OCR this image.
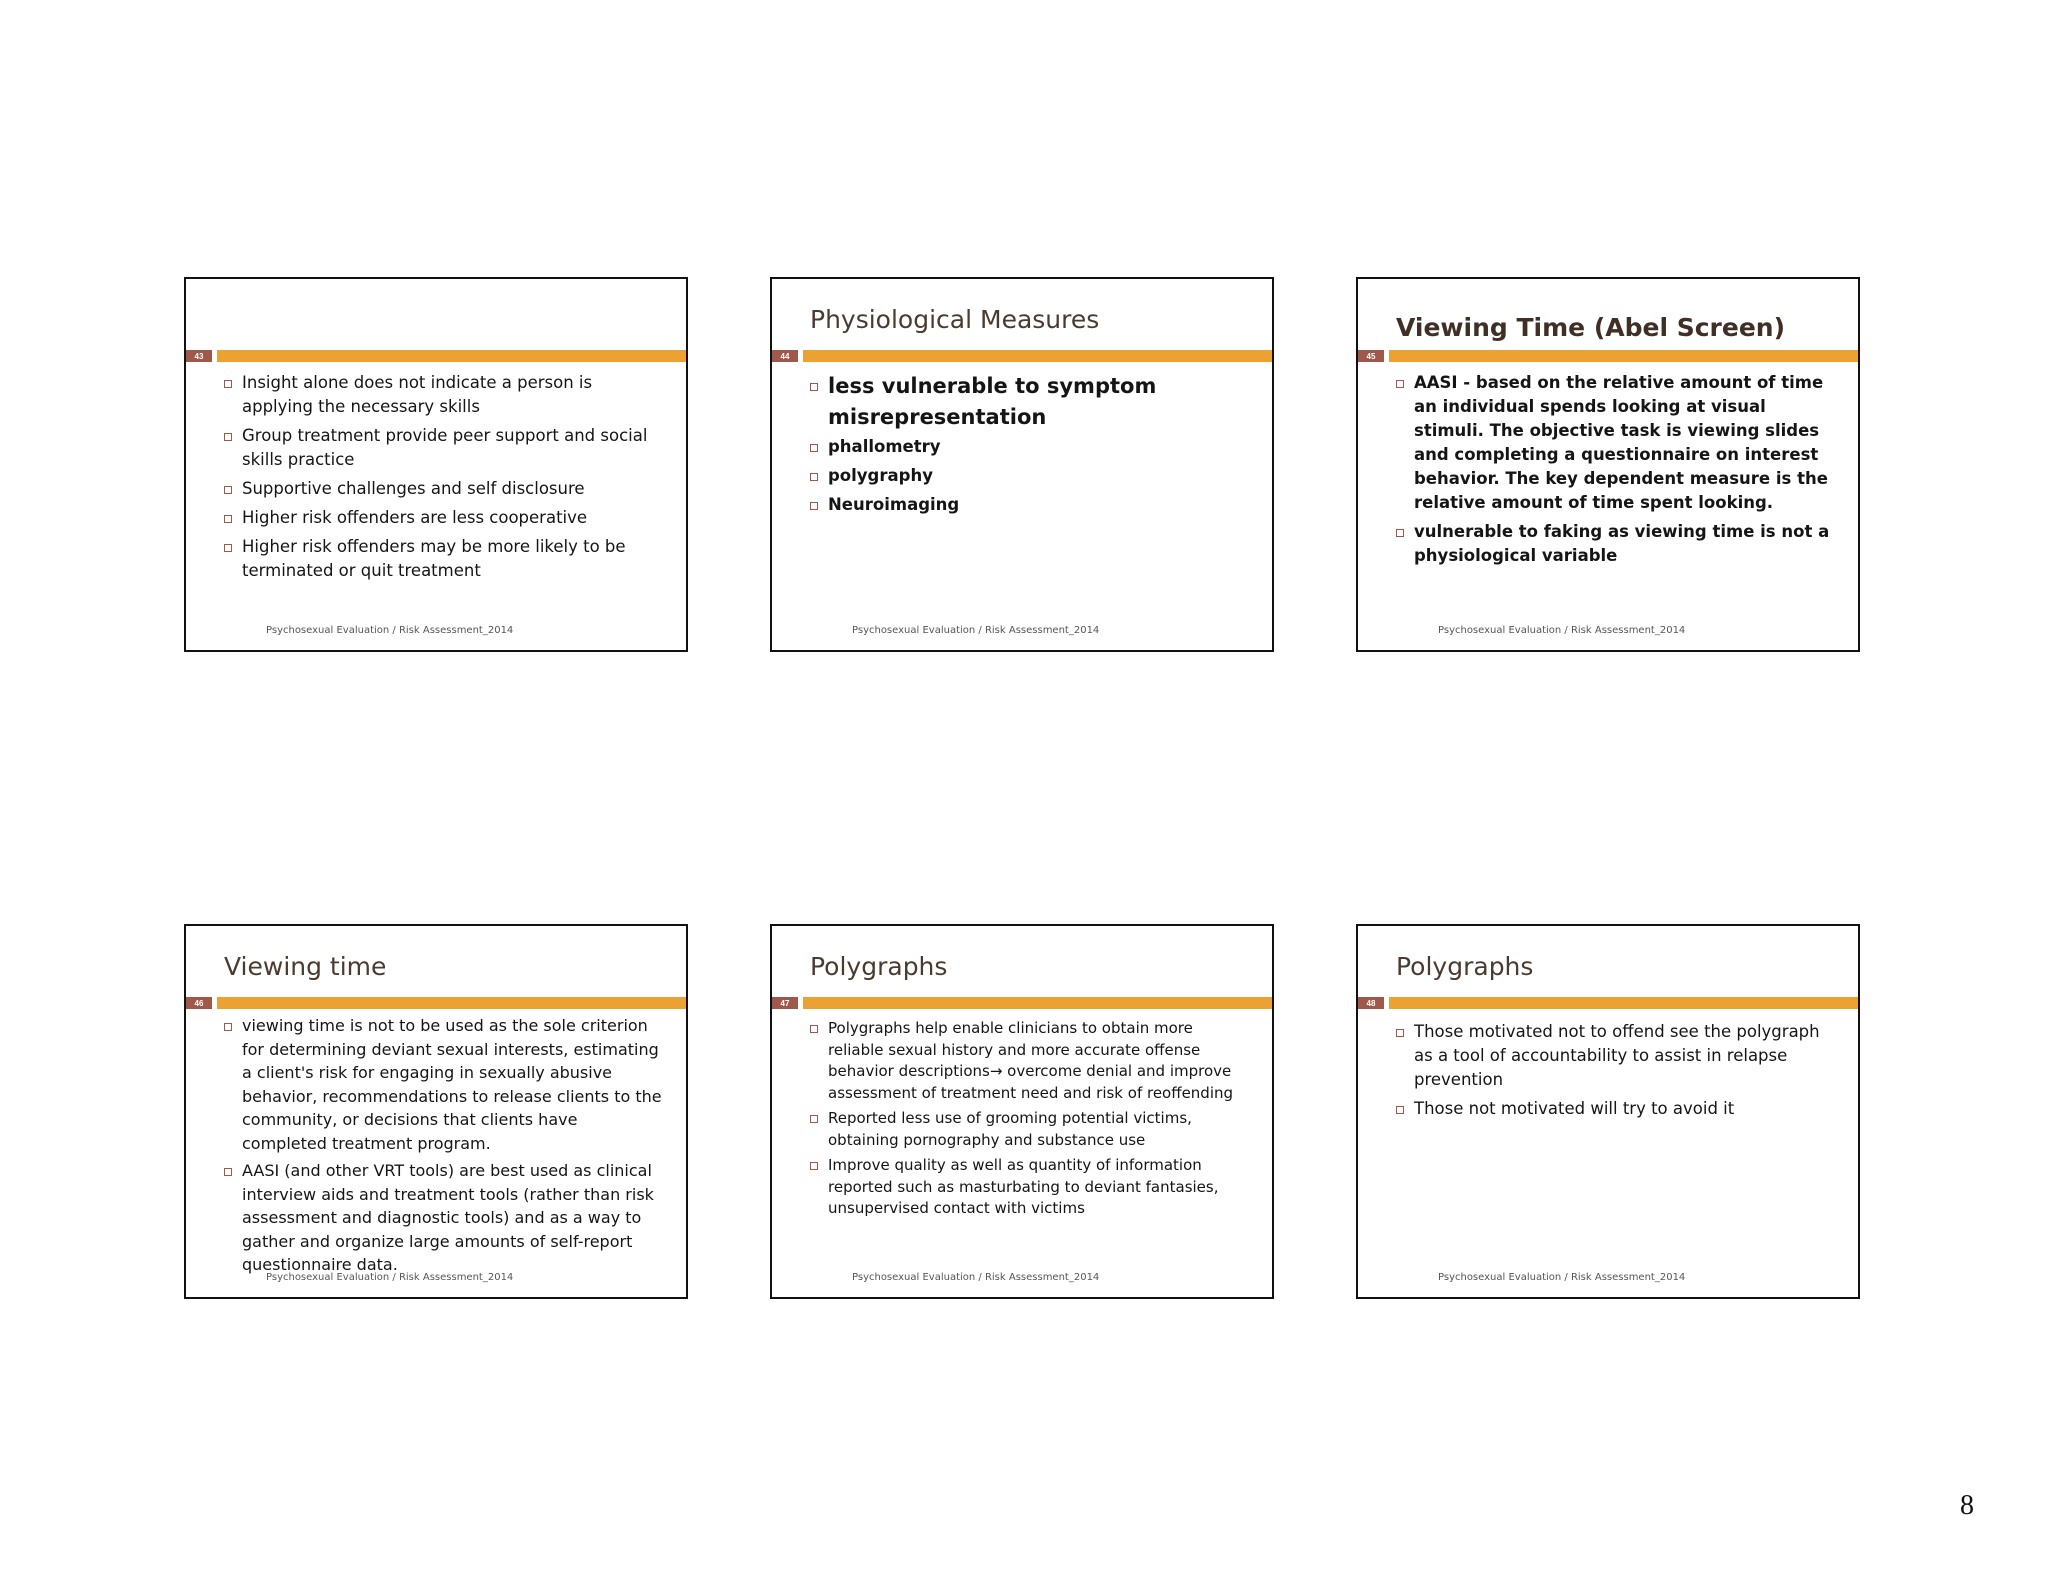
43
Insight alone does not indicate a person is applying the necessary skills
Group treatment provide peer support and social skills practice
Supportive challenges and self disclosure
Higher risk offenders are less cooperative
Higher risk offenders may be more likely to be terminated or quit treatment
Psychosexual Evaluation / Risk Assessment_2014
Physiological Measures
44
less vulnerable to symptom misrepresentation
phallometry
polygraphy
Neuroimaging
Psychosexual Evaluation / Risk Assessment_2014
Viewing Time (Abel Screen)
45
AASI - based on the relative amount of time an individual spends looking at visual stimuli. The objective task is viewing slides and completing a questionnaire on interest behavior. The key dependent measure is the relative amount of time spent looking.
vulnerable to faking as viewing time is not a physiological variable
Psychosexual Evaluation / Risk Assessment_2014
Viewing time
46
viewing time is not to be used as the sole criterion for determining deviant sexual interests, estimating a client's risk for engaging in sexually abusive behavior, recommendations to release clients to the community, or decisions that clients have completed treatment program.
AASI (and other VRT tools) are best used as clinical interview aids and treatment tools (rather than risk assessment and diagnostic tools) and as a way to gather and organize large amounts of self-report questionnaire data.
Psychosexual Evaluation / Risk Assessment_2014
Polygraphs
47
Polygraphs help enable clinicians to obtain more reliable sexual history and more accurate offense behavior descriptions→ overcome denial and improve assessment of treatment need and risk of reoffending
Reported less use of grooming potential victims, obtaining pornography and substance use
Improve quality as well as quantity of information reported such as masturbating to deviant fantasies, unsupervised contact with victims
Psychosexual Evaluation / Risk Assessment_2014
Polygraphs
48
Those motivated not to offend see the polygraph as a tool of accountability to assist in relapse prevention
Those not motivated will try to avoid it
Psychosexual Evaluation / Risk Assessment_2014
8
